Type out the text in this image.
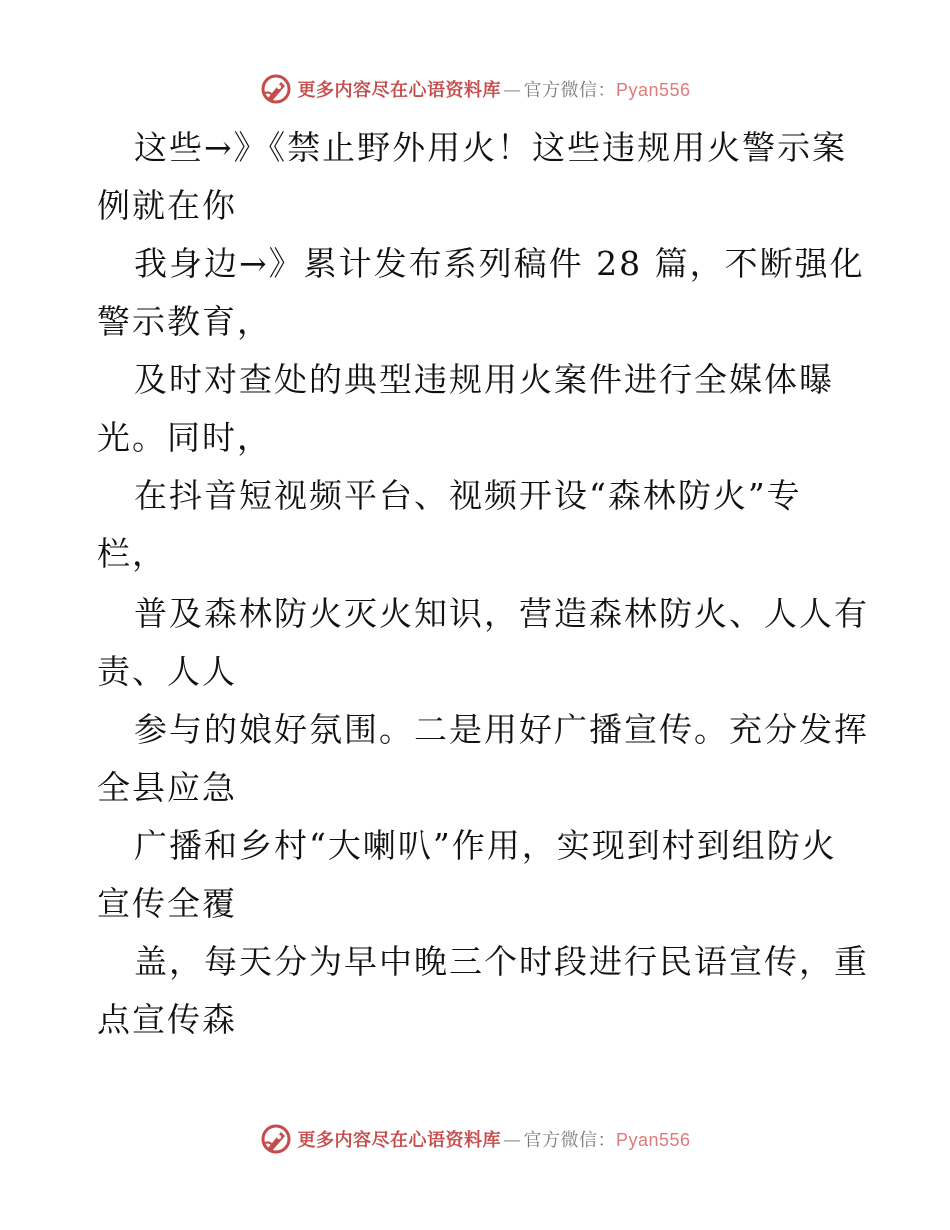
更多内容尽在心语资料库 — 官方微信：Pyan556
这些→》《禁止野外用火！这些违规用火警示案
例就在你
我身边→》累计发布系列稿件 28 篇，不断强化
警示教育，
及时对查处的典型违规用火案件进行全媒体曝
光。同时，
在抖音短视频平台、视频开设“森林防火”专
栏，
普及森林防火灭火知识，营造森林防火、人人有
责、人人
参与的娘好氛围。二是用好广播宣传。充分发挥
全县应急
广播和乡村“大喇叭”作用，实现到村到组防火
宣传全覆
盖，每天分为早中晚三个时段进行民语宣传，重
点宣传森
更多内容尽在心语资料库 — 官方微信：Pyan556
